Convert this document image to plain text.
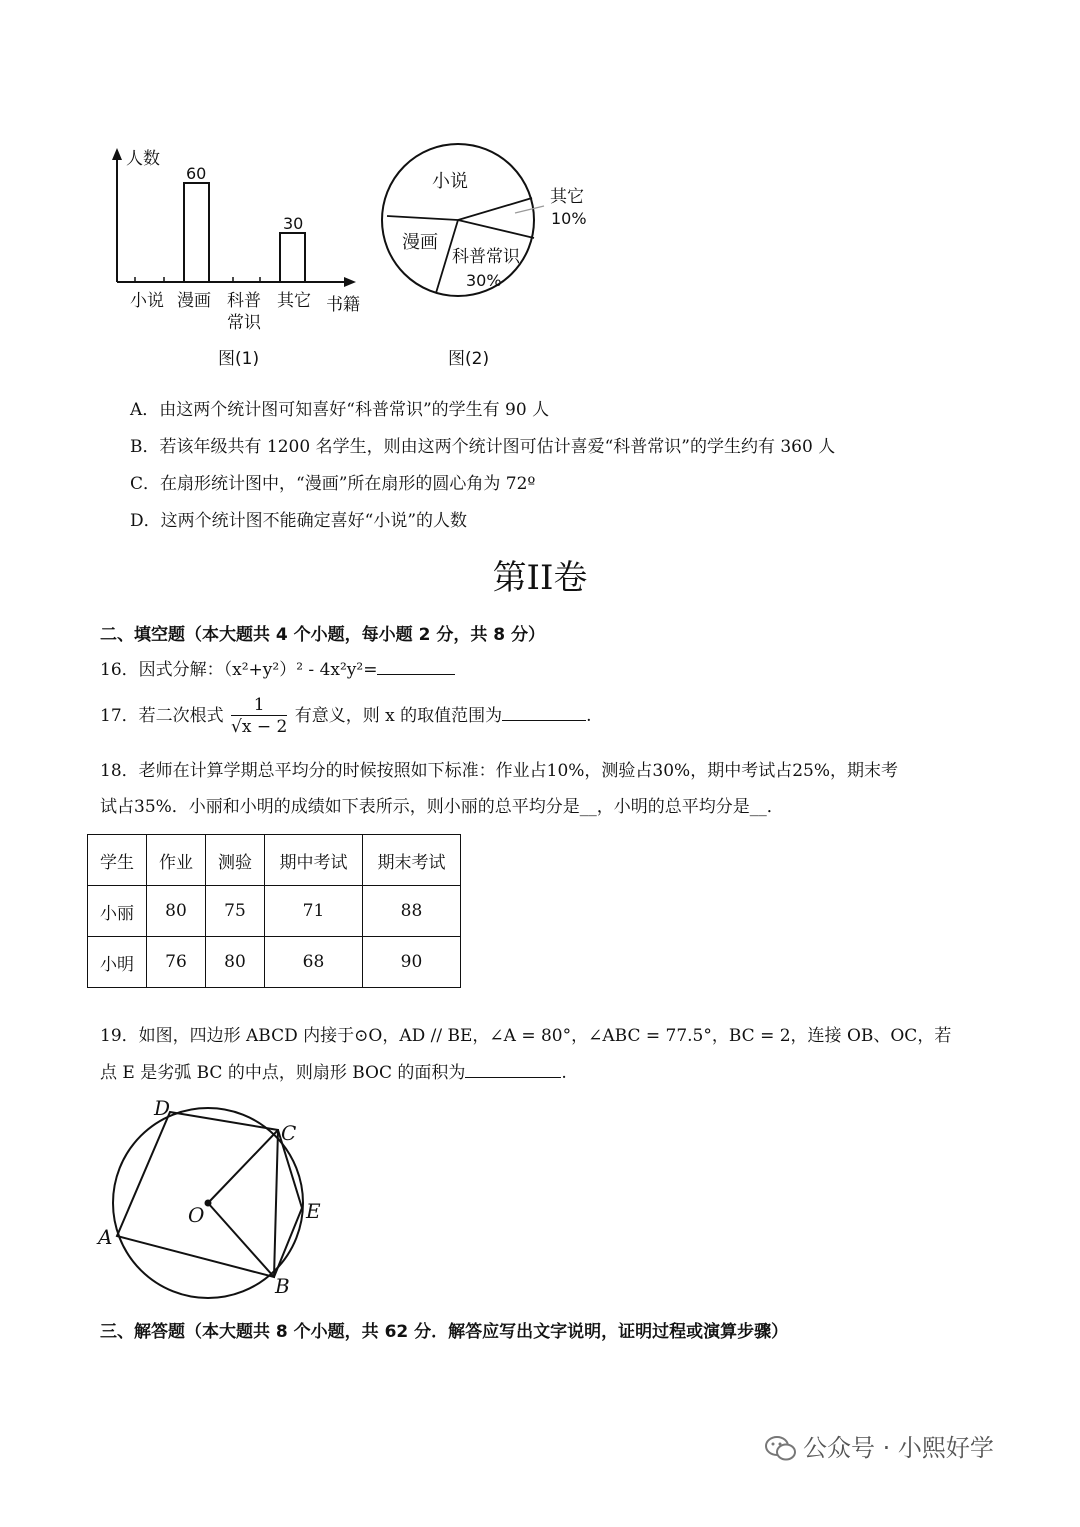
人数
书籍
60
30
小说 漫画 科普
常识
其它
图(1)
小说
漫画
科普常识
30%
其它
10%
图(2)
A．由这两个统计图可知喜好“科普常识”的学生有 90 人
B．若该年级共有 1200 名学生，则由这两个统计图可估计喜爱“科普常识”的学生约有 360 人
C．在扇形统计图中，“漫画”所在扇形的圆心角为 72º
D．这两个统计图不能确定喜好“小说”的人数
第II卷
二、填空题（本大题共 4 个小题，每小题 2 分，共 8 分）
16．因式分解：（x²+y²）² - 4x²y²=
17．若二次根式 $\frac{1}{√x - 2}$ 有意义，则 x 的取值范围为	.
18．老师在计算学期总平均分的时候按照如下标准：作业占10%，测验占30%，期中考试占25%，期末考
试占35%．小丽和小明的成绩如下表所示，则小丽的总平均分是__，小明的总平均分是__．
学生	作业	测验	期中考试	期末考试
小丽	80	75	71	88
小明	76	80	68	90
19．如图，四边形 ABCD 内接于⊙O，AD // BE，∠A = 80°，∠ABC = 77.5°，BC = 2，连接 OB、OC，若
点 E 是劣弧 BC 的中点，则扇形 BOC 的面积为	.
A
B
C
D
E
O
三、解答题（本大题共 8 个小题，共 62 分．解答应写出文字说明，证明过程或演算步骤）
公众号 · 小熙好学
